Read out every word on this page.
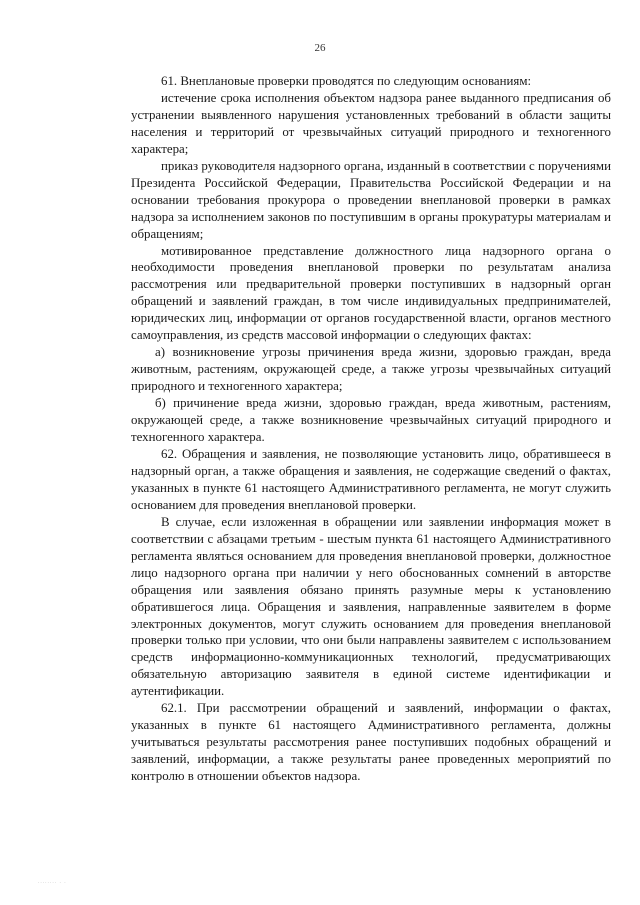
26

61. Внеплановые проверки проводятся по следующим основаниям:

истечение срока исполнения объектом надзора ранее выданного предписания об устранении выявленного нарушения установленных требований в области защиты населения и территорий от чрезвычайных ситуаций природного и техногенного характера;

приказ руководителя надзорного органа, изданный в соответствии с поручениями Президента Российской Федерации, Правительства Российской Федерации и на основании требования прокурора о проведении внеплановой проверки в рамках надзора за исполнением законов по поступившим в органы прокуратуры материалам и обращениям;

мотивированное представление должностного лица надзорного органа о необходимости проведения внеплановой проверки по результатам анализа рассмотрения или предварительной проверки поступивших в надзорный орган обращений и заявлений граждан, в том числе индивидуальных предпринимателей, юридических лиц, информации от органов государственной власти, органов местного самоуправления, из средств массовой информации о следующих фактах:

а) возникновение угрозы причинения вреда жизни, здоровью граждан, вреда животным, растениям, окружающей среде, а также угрозы чрезвычайных ситуаций природного и техногенного характера;

б) причинение вреда жизни, здоровью граждан, вреда животным, растениям, окружающей среде, а также возникновение чрезвычайных ситуаций природного и техногенного характера.

62. Обращения и заявления, не позволяющие установить лицо, обратившееся в надзорный орган, а также обращения и заявления, не содержащие сведений о фактах, указанных в пункте 61 настоящего Административного регламента, не могут служить основанием для проведения внеплановой проверки.

В случае, если изложенная в обращении или заявлении информация может в соответствии с абзацами третьим - шестым пункта 61 настоящего Административного регламента являться основанием для проведения внеплановой проверки, должностное лицо надзорного органа при наличии у него обоснованных сомнений в авторстве обращения или заявления обязано принять разумные меры к установлению обратившегося лица. Обращения и заявления, направленные заявителем в форме электронных документов, могут служить основанием для проведения внеплановой проверки только при условии, что они были направлены заявителем с использованием средств информационно-коммуникационных технологий, предусматривающих обязательную авторизацию заявителя в единой системе идентификации и аутентификации.

62.1. При рассмотрении обращений и заявлений, информации о фактах, указанных в пункте 61 настоящего Административного регламента, должны учитываться результаты рассмотрения ранее поступивших подобных обращений и заявлений, информации, а также результаты ранее проведенных мероприятий по контролю в отношении объектов надзора.

........ . .
